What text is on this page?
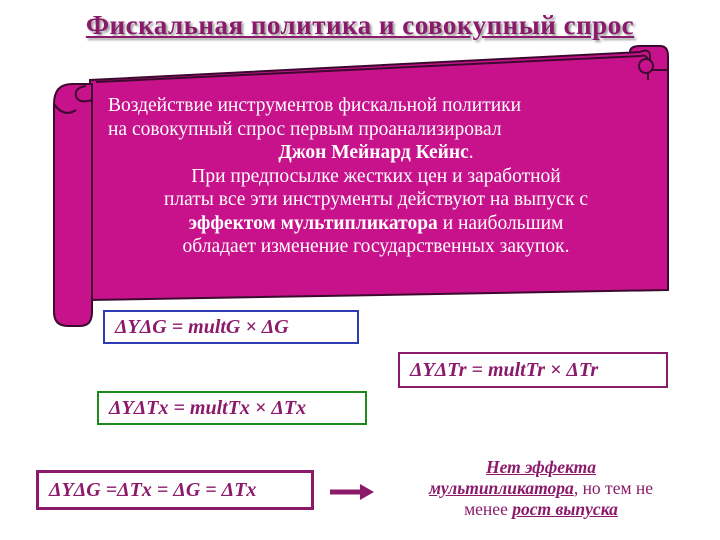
Фискальная политика и совокупный спрос

Воздействие инструментов фискальной политики

на совокупный спрос первым проанализировал

Джон Мейнард Кейнс.

При предпосылке жестких цен и заработной

платы все эти инструменты действуют на выпуск с

эффектом мультипликатора и наибольшим

обладает изменение государственных закупок.

ΔYΔG = multG × ΔG
ΔYΔTr = multTr × ΔTr
ΔYΔTx = multTx × ΔTx
ΔYΔG =ΔTx = ΔG = ΔTx
Нет эффекта
мультипликатора, но тем не
менее рост выпуска
